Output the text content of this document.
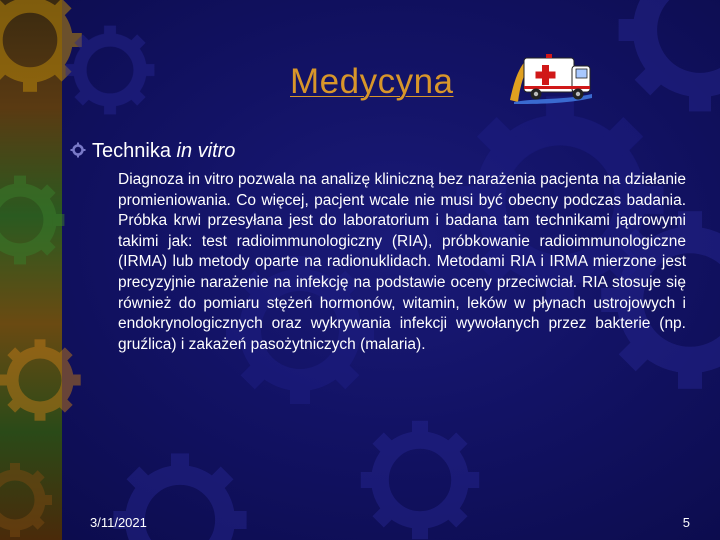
Medycyna
Technika in vitro
Diagnoza in vitro pozwala na analizę kliniczną bez narażenia pacjenta na działanie promieniowania. Co więcej, pacjent wcale nie musi być obecny podczas badania. Próbka krwi przesyłana jest do laboratorium i badana tam technikami jądrowymi takimi jak: test radioimmunologiczny (RIA), próbkowanie radioimmunologiczne (IRMA) lub metody oparte na radionuklidach. Metodami RIA i IRMA mierzone jest precyzyjnie narażenie na infekcję na podstawie oceny przeciwciał. RIA stosuje się również do pomiaru stężeń hormonów, witamin, leków w płynach ustrojowych i endokrynologicznych oraz wykrywania infekcji wywołanych przez bakterie (np. gruźlica) i zakażeń pasożytniczych (malaria).
3/11/2021	5
